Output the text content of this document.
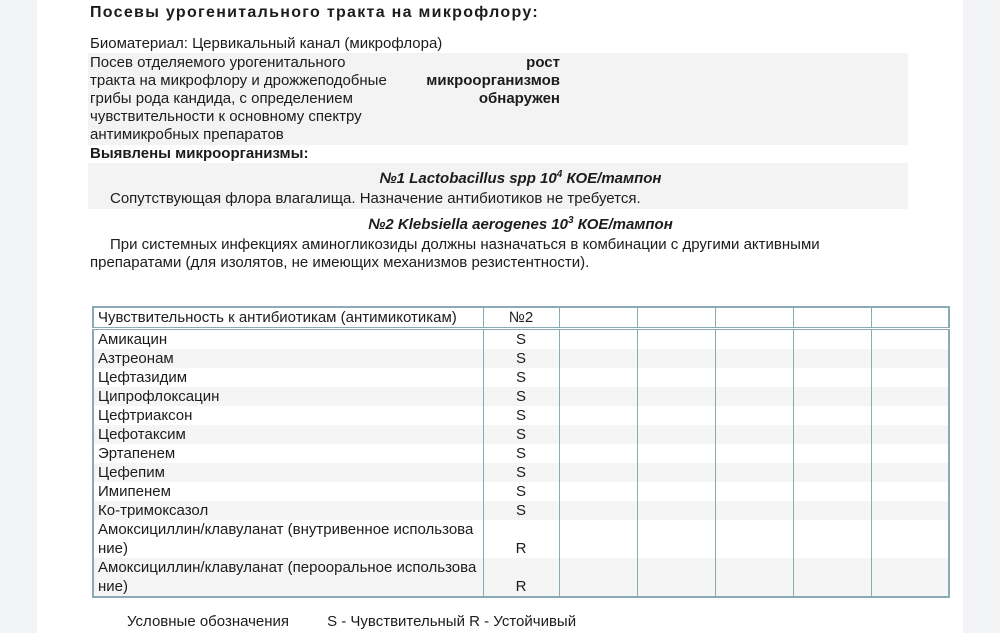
Посевы урогенитального тракта на микрофлору:
Биоматериал: Цервикальный канал (микрофлора)
Посев отделяемого урогенитального тракта на микрофлору и дрожжеподобные грибы рода кандида, с определением чувствительности к основному спектру антимикробных препаратов
рост микроорганизмов обнаружен
Выявлены микроорганизмы:
№1 Lactobacillus spp $10^4$ КОЕ/тампон
Сопутствующая флора влагалища. Назначение антибиотиков не требуется.
№2 Klebsiella aerogenes $10^3$ КОЕ/тампон
При системных инфекциях аминогликозиды должны назначаться в комбинации с другими активными препаратами (для изолятов, не имеющих механизмов резистентности).
Чувствительность к антибиотикам (антимикотикам)	№2					
Амикацин	S					
Азтреонам	S					
Цефтазидим	S					
Ципрофлоксацин	S					
Цефтриаксон	S					
Цефотаксим	S					
Эртапенем	S					
Цефепим	S					
Имипенем	S					
Ко-тримоксазол	S					
Амоксициллин/клавуланат (внутривенное использование)	R					
Амоксициллин/клавуланат (перооральное использование)	R					
Условные обозначения	S - Чувствительный R - Устойчивый
